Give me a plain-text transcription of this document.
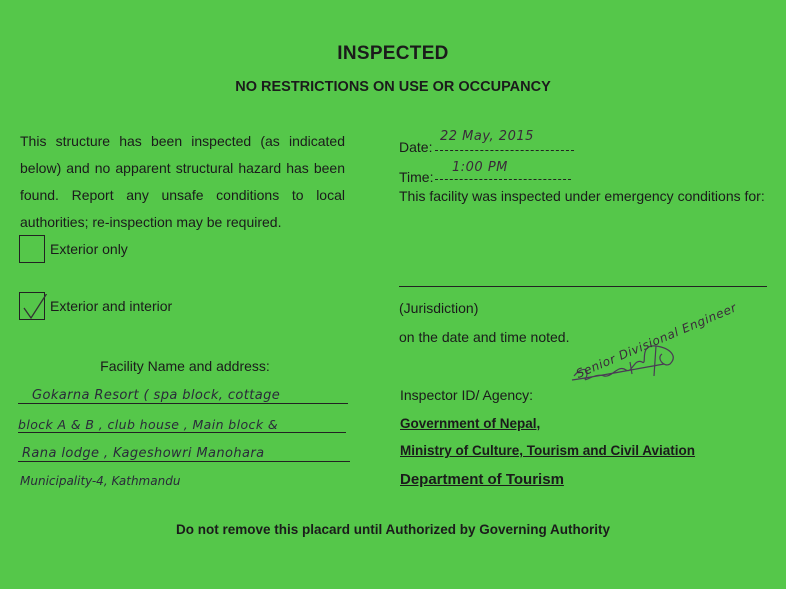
INSPECTED
NO RESTRICTIONS ON USE OR OCCUPANCY
This structure has been inspected (as indicated below) and no apparent structural hazard has been found. Report any unsafe conditions to local authorities; re-inspection may be required.
Exterior only
Exterior and interior
Facility Name and address:
Gokarna Resort ( spa block, cottage
block A & B , club house , Main block &
Rana lodge , Kageshowri Manohara
Municipality-4, Kathmandu
Date:
22 May, 2015
Time:
1:00 PM
This facility was inspected under emergency conditions for:
(Jurisdiction)
on the date and time noted.
Inspector ID/ Agency:
Senior Divisional Engineer
Government of Nepal,
Ministry of Culture, Tourism and Civil Aviation
Department of Tourism
Do not remove this placard until Authorized by Governing Authority
